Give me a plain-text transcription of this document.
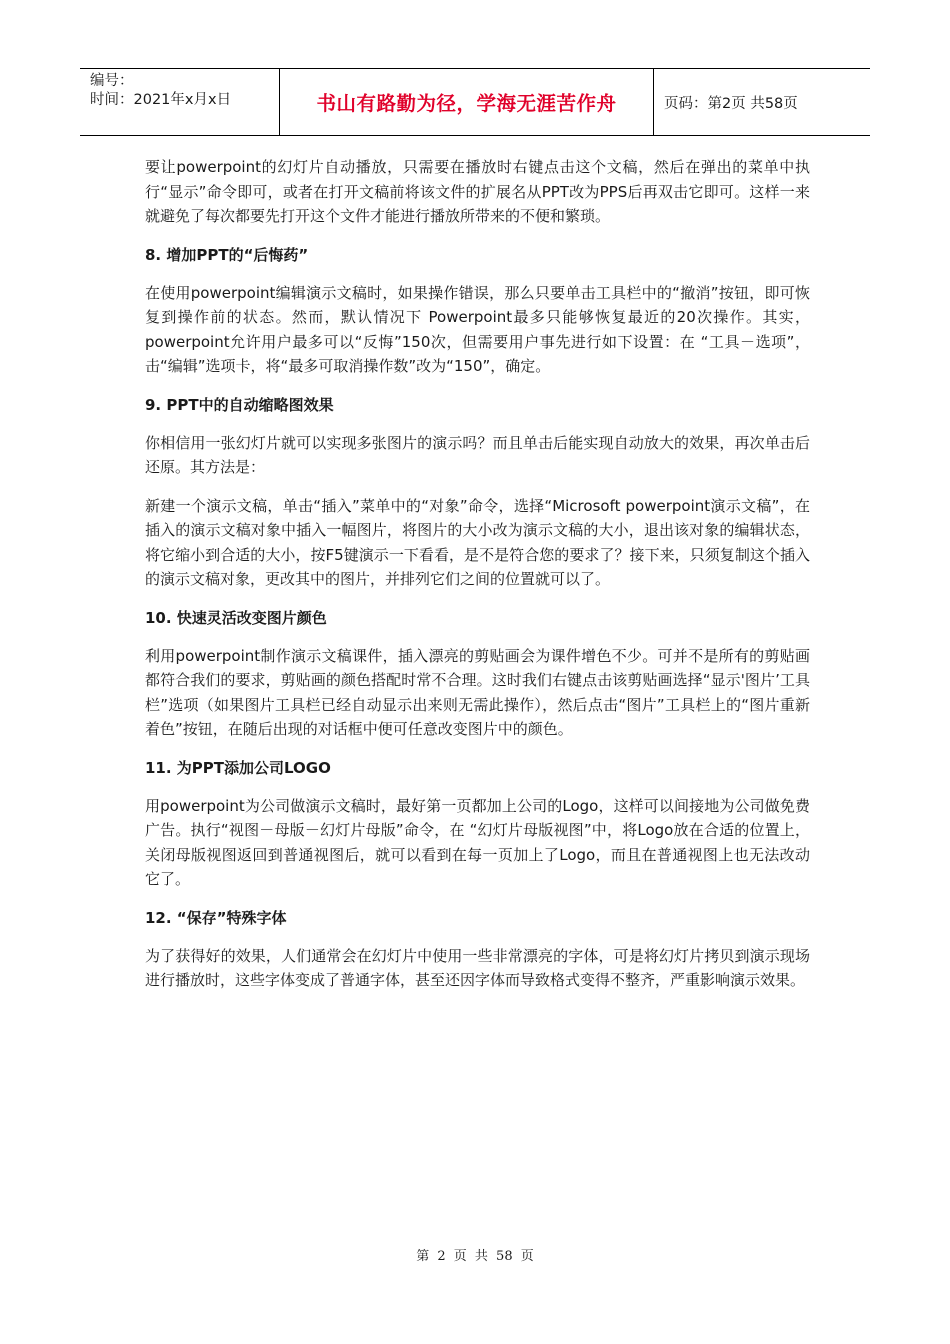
编号：
时间：2021年x月x日	书山有路勤为径，学海无涯苦作舟	页码：第2页 共58页

要让powerpoint的幻灯片自动播放，只需要在播放时右键点击这个文稿，然后在弹出的菜单中执行“显示”命令即可，或者在打开文稿前将该文件的扩展名从PPT改为PPS后再双击它即可。这样一来就避免了每次都要先打开这个文件才能进行播放所带来的不便和繁琐。

8. 增加PPT的“后悔药”

在使用powerpoint编辑演示文稿时，如果操作错误，那么只要单击工具栏中的“撤消”按钮，即可恢复到操作前的状态。然而，默认情况下 Powerpoint最多只能够恢复最近的20次操作。其实，powerpoint允许用户最多可以“反悔”150次，但需要用户事先进行如下设置：在 “工具－选项”，击“编辑”选项卡，将“最多可取消操作数”改为“150”，确定。

9. PPT中的自动缩略图效果

你相信用一张幻灯片就可以实现多张图片的演示吗？而且单击后能实现自动放大的效果，再次单击后还原。其方法是：

新建一个演示文稿，单击“插入”菜单中的“对象”命令，选择“Microsoft powerpoint演示文稿”，在插入的演示文稿对象中插入一幅图片，将图片的大小改为演示文稿的大小，退出该对象的编辑状态，将它缩小到合适的大小，按F5键演示一下看看，是不是符合您的要求了？接下来，只须复制这个插入的演示文稿对象，更改其中的图片，并排列它们之间的位置就可以了。

10. 快速灵活改变图片颜色

利用powerpoint制作演示文稿课件，插入漂亮的剪贴画会为课件增色不少。可并不是所有的剪贴画都符合我们的要求，剪贴画的颜色搭配时常不合理。这时我们右键点击该剪贴画选择“显示'图片’工具栏”选项（如果图片工具栏已经自动显示出来则无需此操作），然后点击“图片”工具栏上的“图片重新着色”按钮，在随后出现的对话框中便可任意改变图片中的颜色。

11. 为PPT添加公司LOGO

用powerpoint为公司做演示文稿时，最好第一页都加上公司的Logo，这样可以间接地为公司做免费广告。执行“视图－母版－幻灯片母版”命令，在 “幻灯片母版视图”中，将Logo放在合适的位置上，关闭母版视图返回到普通视图后，就可以看到在每一页加上了Logo，而且在普通视图上也无法改动它了。

12. “保存”特殊字体

为了获得好的效果，人们通常会在幻灯片中使用一些非常漂亮的字体，可是将幻灯片拷贝到演示现场进行播放时，这些字体变成了普通字体，甚至还因字体而导致格式变得不整齐，严重影响演示效果。

第 2 页 共 58 页
